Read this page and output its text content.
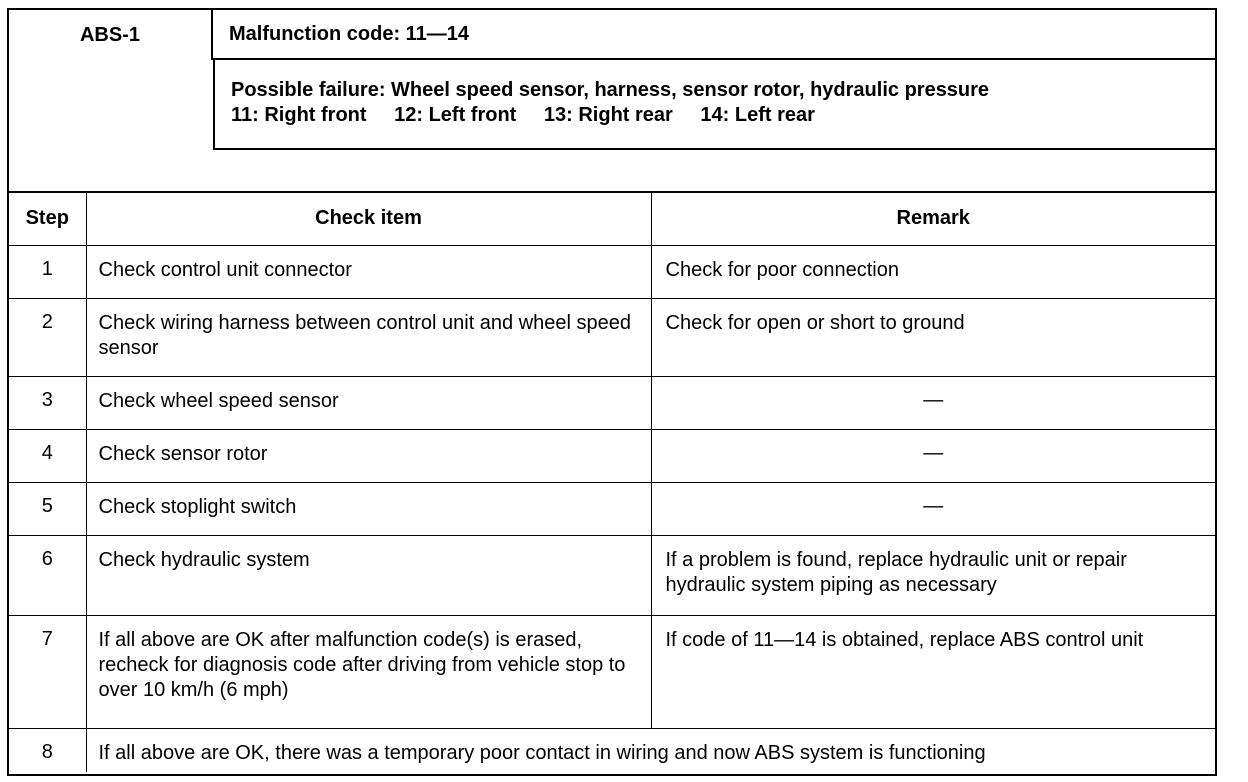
ABS-1	Malfunction code: 11—14
Possible failure: Wheel speed sensor, harness, sensor rotor, hydraulic pressure
11: Right front 12: Left front 13: Right rear 14: Left rear
Step	Check item	Remark
1	Check control unit connector	Check for poor connection
2	Check wiring harness between control unit and wheel speed sensor	Check for open or short to ground
3	Check wheel speed sensor	—
4	Check sensor rotor	—
5	Check stoplight switch	—
6	Check hydraulic system	If a problem is found, replace hydraulic unit or repair hydraulic system piping as necessary
7	If all above are OK after malfunction code(s) is erased, recheck for diagnosis code after driving from vehicle stop to over 10 km/h (6 mph)	If code of 11—14 is obtained, replace ABS control unit
8	If all above are OK, there was a temporary poor contact in wiring and now ABS system is functioning	
